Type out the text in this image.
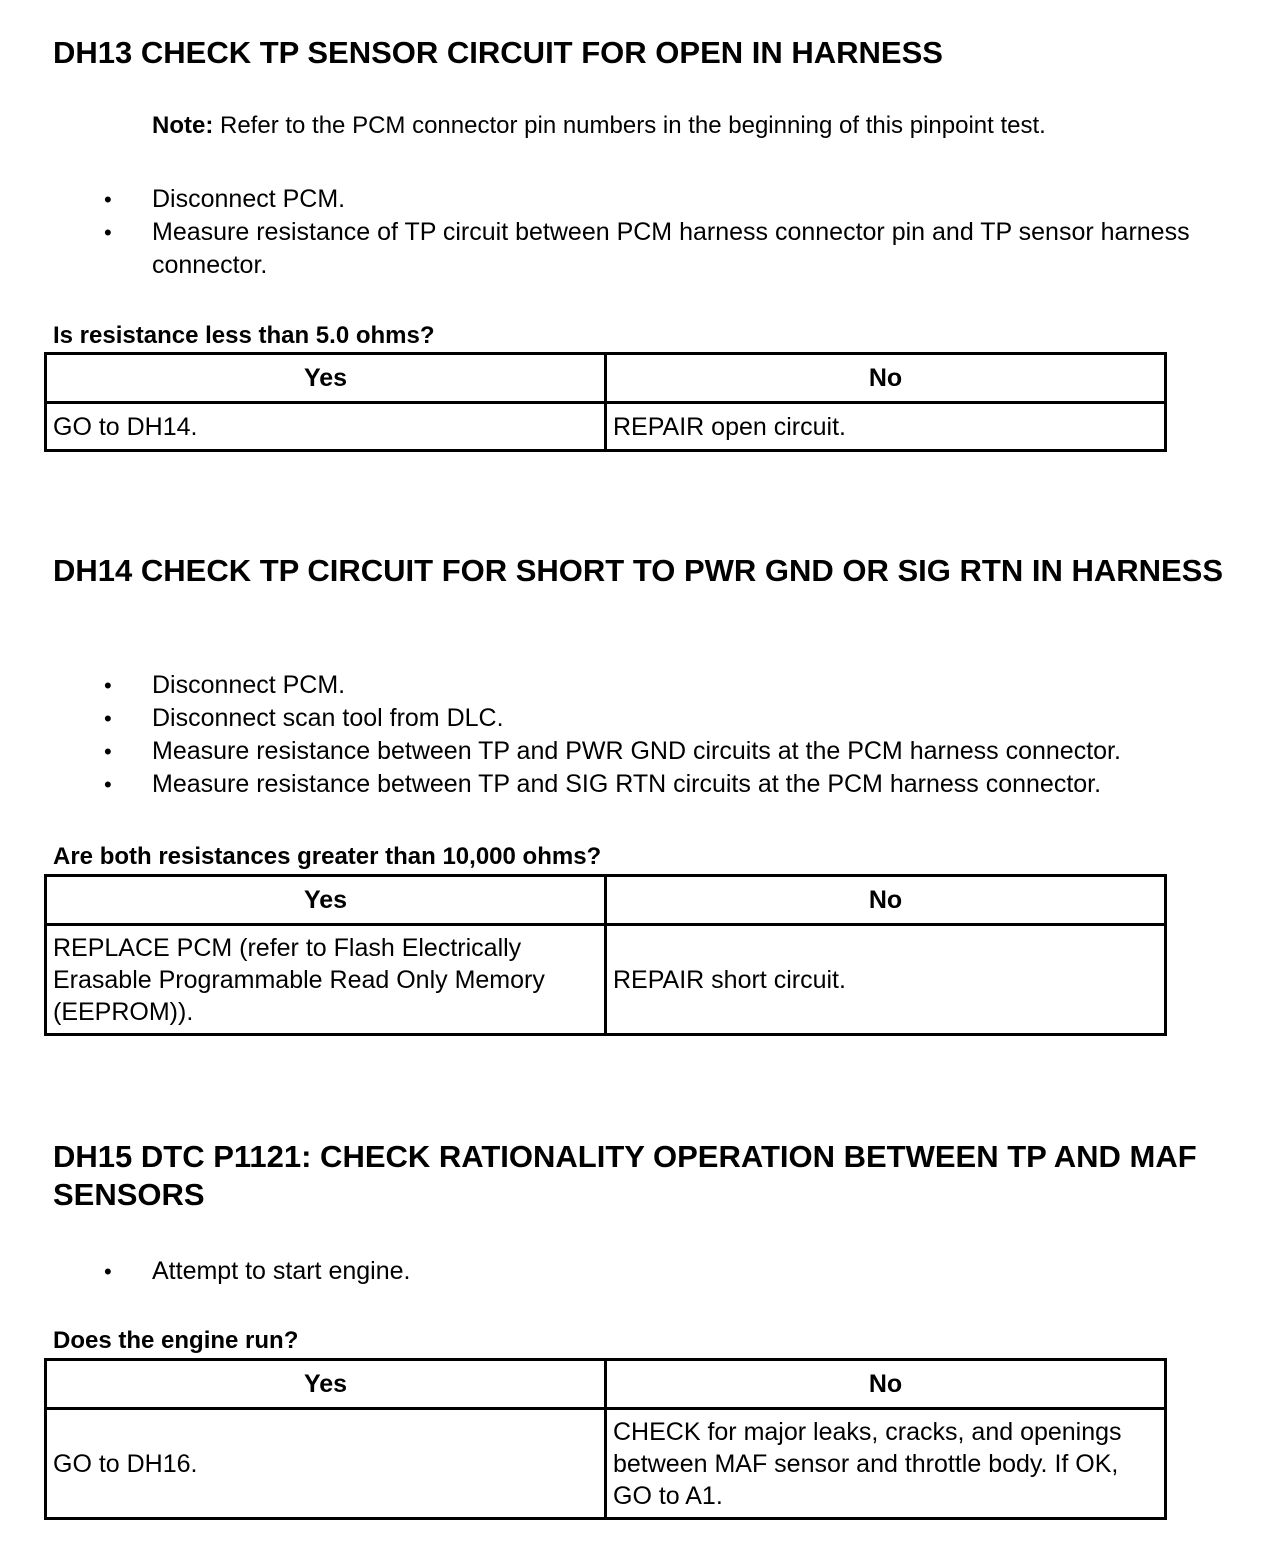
DH13 CHECK TP SENSOR CIRCUIT FOR OPEN IN HARNESS
Note: Refer to the PCM connector pin numbers in the beginning of this pinpoint test.
• Disconnect PCM.
• Measure resistance of TP circuit between PCM harness connector pin and TP sensor harness connector.
Is resistance less than 5.0 ohms?
Yes	No
GO to DH14.	REPAIR open circuit.
DH14 CHECK TP CIRCUIT FOR SHORT TO PWR GND OR SIG RTN IN HARNESS
• Disconnect PCM.
• Disconnect scan tool from DLC.
• Measure resistance between TP and PWR GND circuits at the PCM harness connector.
• Measure resistance between TP and SIG RTN circuits at the PCM harness connector.
Are both resistances greater than 10,000 ohms?
Yes	No
REPLACE PCM (refer to Flash Electrically Erasable Programmable Read Only Memory (EEPROM)).	REPAIR short circuit.
DH15 DTC P1121: CHECK RATIONALITY OPERATION BETWEEN TP AND MAF SENSORS
• Attempt to start engine.
Does the engine run?
Yes	No
GO to DH16.	CHECK for major leaks, cracks, and openings between MAF sensor and throttle body. If OK, GO to A1.
